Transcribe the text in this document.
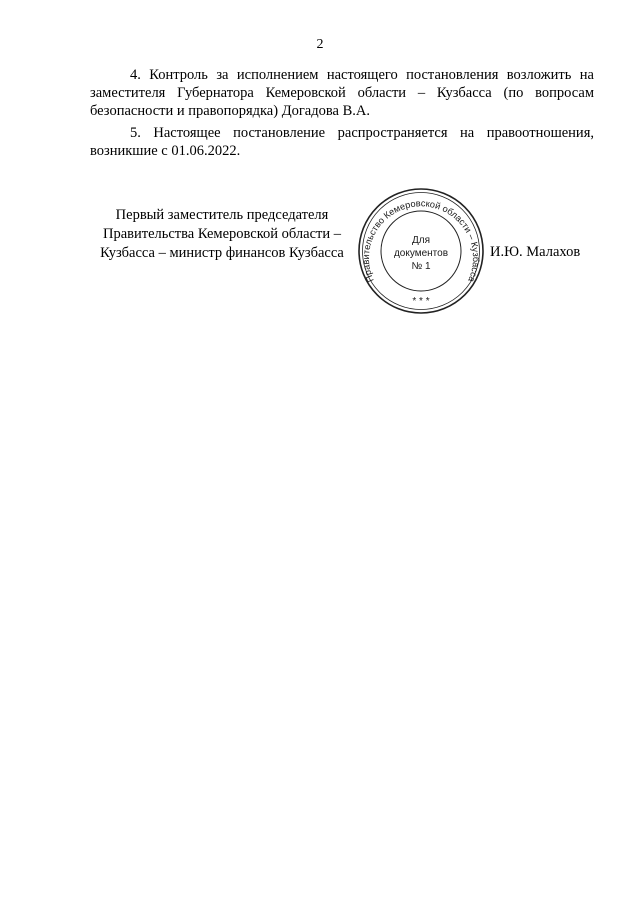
2

4. Контроль за исполнением настоящего постановления возложить на заместителя Губернатора Кемеровской области – Кузбасса (по вопросам безопасности и правопорядка) Догадова В.А.

5. Настоящее постановление распространяется на правоотношения, возникшие с 01.06.2022.

Первый заместитель председателя
Правительства Кемеровской области –
Кузбасса – министр финансов Кузбасса
Правительство Кемеровской области – Кузбасса
* * *
Для
документов
№ 1
И.Ю. Малахов
